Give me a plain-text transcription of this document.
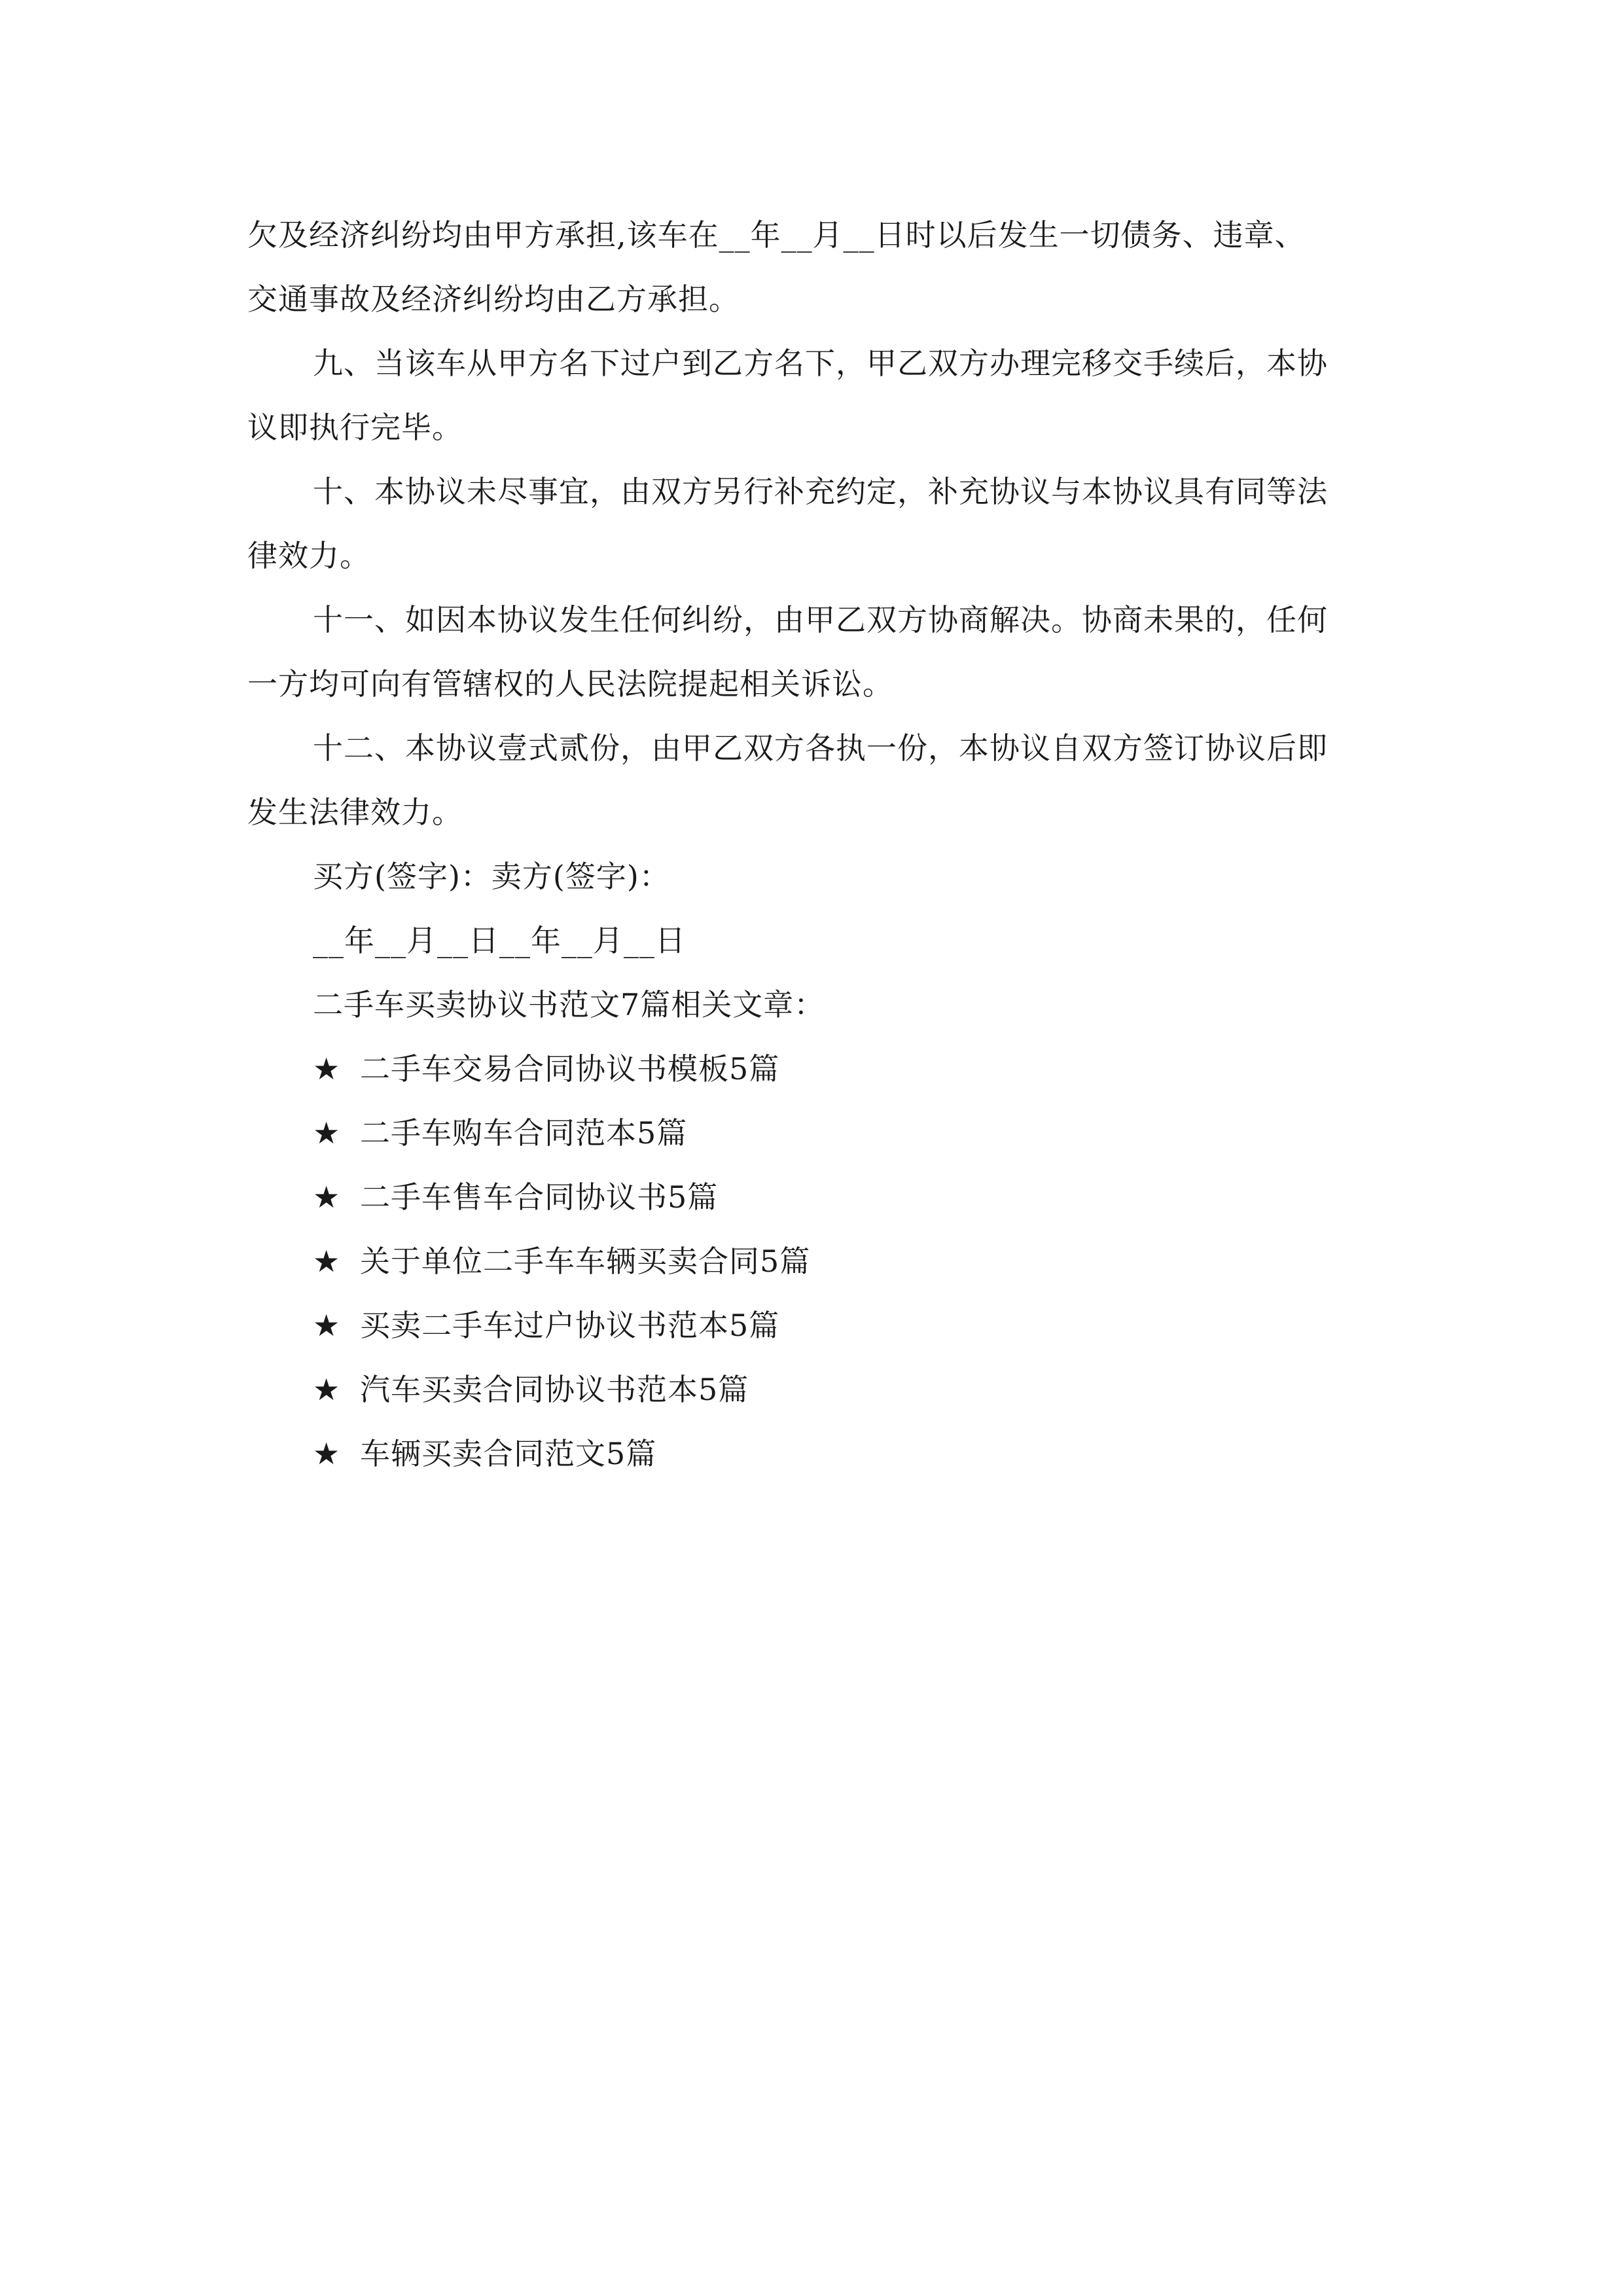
欠及经济纠纷均由甲方承担,该车在__年__月__日时以后发生一切债务、违章、
交通事故及经济纠纷均由乙方承担。
九、当该车从甲方名下过户到乙方名下，甲乙双方办理完移交手续后，本协
议即执行完毕。
十、本协议未尽事宜，由双方另行补充约定，补充协议与本协议具有同等法
律效力。
十一、如因本协议发生任何纠纷，由甲乙双方协商解决。协商未果的，任何
一方均可向有管辖权的人民法院提起相关诉讼。
十二、本协议壹式贰份，由甲乙双方各执一份，本协议自双方签订协议后即
发生法律效力。
买方(签字)：卖方(签字)：
__年__月__日__年__月__日
二手车买卖协议书范文7篇相关文章：
★ 二手车交易合同协议书模板5篇
★ 二手车购车合同范本5篇
★ 二手车售车合同协议书5篇
★ 关于单位二手车车辆买卖合同5篇
★ 买卖二手车过户协议书范本5篇
★ 汽车买卖合同协议书范本5篇
★ 车辆买卖合同范文5篇
